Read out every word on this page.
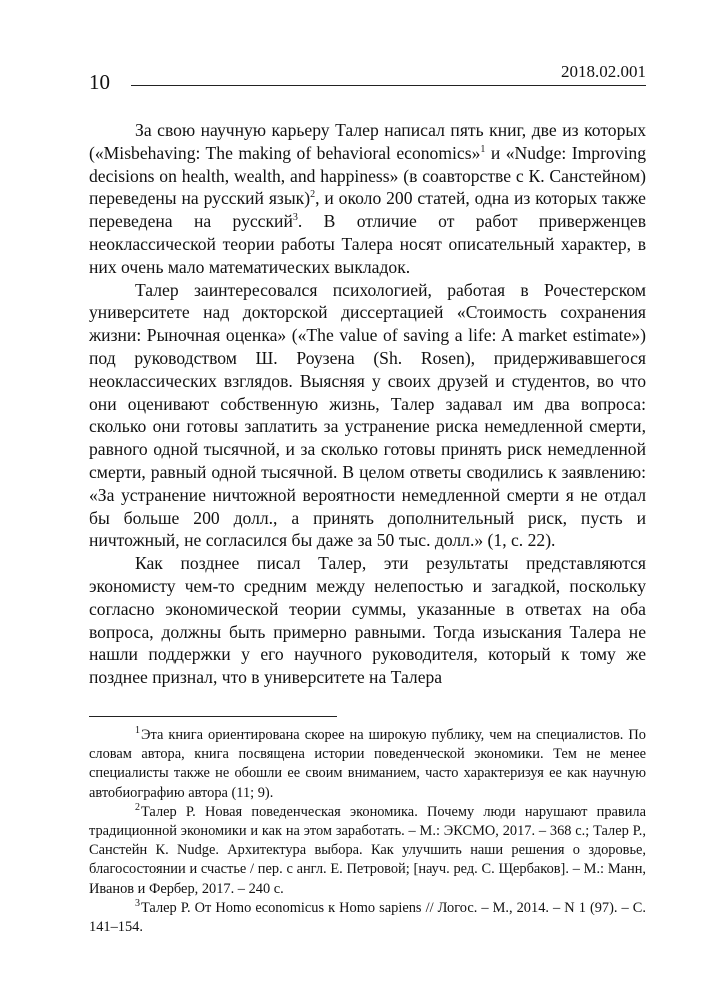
10	2018.02.001

За свою научную карьеру Талер написал пять книг, две из которых («Misbehaving: The making of behavioral economics»$^1$ и «Nudge: Improving decisions on health, wealth, and happiness» (в соавторстве с К. Санстейном) переведены на русский язык)$^2$, и около 200 статей, одна из которых также переведена на русский$^3$. В отличие от работ приверженцев неоклассической теории работы Талера носят описательный характер, в них очень мало математических выкладок.

Талер заинтересовался психологией, работая в Рочестерском университете над докторской диссертацией «Стоимость сохранения жизни: Рыночная оценка» («The value of saving a life: A market estimate») под руководством Ш. Роузена (Sh. Rosen), придерживавшегося неоклассических взглядов. Выясняя у своих друзей и студентов, во что они оценивают собственную жизнь, Талер задавал им два вопроса: сколько они готовы заплатить за устранение риска немедленной смерти, равного одной тысячной, и за сколько готовы принять риск немедленной смерти, равный одной тысячной. В целом ответы сводились к заявлению: «За устранение ничтожной вероятности немедленной смерти я не отдал бы больше 200 долл., а принять дополнительный риск, пусть и ничтожный, не согласился бы даже за 50 тыс. долл.» (1, с. 22).

Как позднее писал Талер, эти результаты представляются экономисту чем-то средним между нелепостью и загадкой, поскольку согласно экономической теории суммы, указанные в ответах на оба вопроса, должны быть примерно равными. Тогда изыскания Талера не нашли поддержки у его научного руководителя, который к тому же позднее признал, что в университете на Талера

$^1$Эта книга ориентирована скорее на широкую публику, чем на специалистов. По словам автора, книга посвящена истории поведенческой экономики. Тем не менее специалисты также не обошли ее своим вниманием, часто характеризуя ее как научную автобиографию автора (11; 9).

$^2$Талер Р. Новая поведенческая экономика. Почему люди нарушают правила традиционной экономики и как на этом заработать. – М.: ЭКСМО, 2017. – 368 с.; Талер Р., Санстейн К. Nudge. Архитектура выбора. Как улучшить наши решения о здоровье, благосостоянии и счастье / пер. с англ. Е. Петровой; [науч. ред. С. Щербаков]. – М.: Манн, Иванов и Фербер, 2017. – 240 с.

$^3$Талер Р. От Homo economicus к Homo sapiens // Логос. – М., 2014. – N 1 (97). – С. 141–154.
